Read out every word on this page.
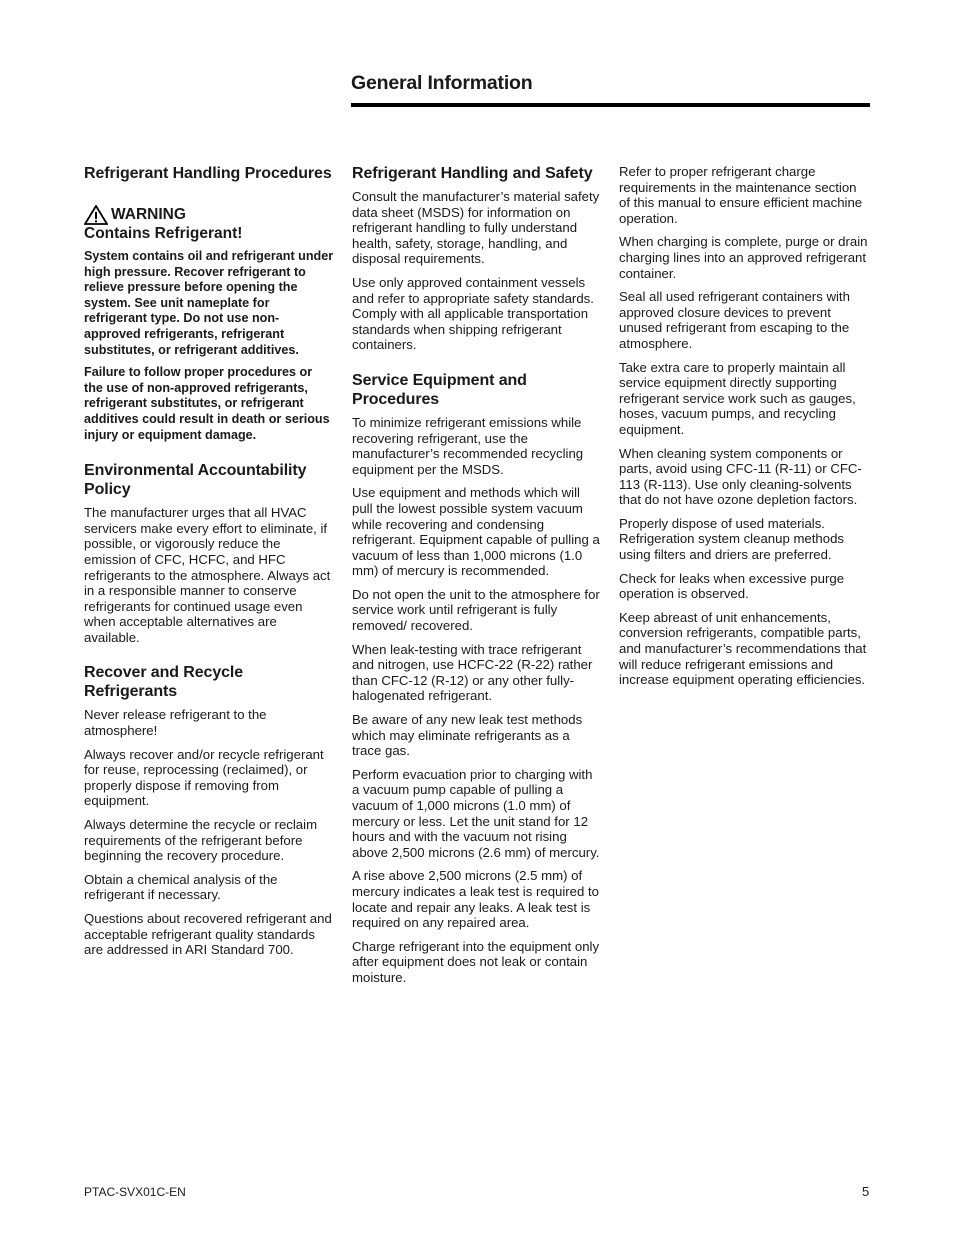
General Information
Refrigerant Handling Procedures
WARNING
Contains Refrigerant!

System contains oil and refrigerant under high pressure. Recover refrigerant to relieve pressure before opening the system. See unit nameplate for refrigerant type. Do not use non-approved refrigerants, refrigerant substitutes, or refrigerant additives.

Failure to follow proper procedures or the use of non-approved refrigerants, refrigerant substitutes, or refrigerant additives could result in death or serious injury or equipment damage.

Environmental Accountability Policy

The manufacturer urges that all HVAC servicers make every effort to eliminate, if possible, or vigorously reduce the emission of CFC, HCFC, and HFC refrigerants to the atmosphere. Always act in a responsible manner to conserve refrigerants for continued usage even when acceptable alternatives are available.

Recover and Recycle Refrigerants

Never release refrigerant to the atmosphere!

Always recover and/or recycle refrigerant for reuse, reprocessing (reclaimed), or properly dispose if removing from equipment.

Always determine the recycle or reclaim requirements of the refrigerant before beginning the recovery procedure.

Obtain a chemical analysis of the refrigerant if necessary.

Questions about recovered refrigerant and acceptable refrigerant quality standards are addressed in ARI Standard 700.

Refrigerant Handling and Safety

Consult the manufacturer’s material safety data sheet (MSDS) for information on refrigerant handling to fully understand health, safety, storage, handling, and disposal requirements.

Use only approved containment vessels and refer to appropriate safety standards. Comply with all applicable transportation standards when shipping refrigerant containers.

Service Equipment and Procedures

To minimize refrigerant emissions while recovering refrigerant, use the manufacturer’s recommended recycling equipment per the MSDS.

Use equipment and methods which will pull the lowest possible system vacuum while recovering and condensing refrigerant. Equipment capable of pulling a vacuum of less than 1,000 microns (1.0 mm) of mercury is recommended.

Do not open the unit to the atmosphere for service work until refrigerant is fully removed/ recovered.

When leak-testing with trace refrigerant and nitrogen, use HCFC-22 (R-22) rather than CFC-12 (R-12) or any other fully-halogenated refrigerant.

Be aware of any new leak test methods which may eliminate refrigerants as a trace gas.

Perform evacuation prior to charging with a vacuum pump capable of pulling a vacuum of 1,000 microns (1.0 mm) of mercury or less. Let the unit stand for 12 hours and with the vacuum not rising above 2,500 microns (2.6 mm) of mercury.

A rise above 2,500 microns (2.5 mm) of mercury indicates a leak test is required to locate and repair any leaks. A leak test is required on any repaired area.

Charge refrigerant into the equipment only after equipment does not leak or contain moisture.

Refer to proper refrigerant charge requirements in the maintenance section of this manual to ensure efficient machine operation.

When charging is complete, purge or drain charging lines into an approved refrigerant container.

Seal all used refrigerant containers with approved closure devices to prevent unused refrigerant from escaping to the atmosphere.

Take extra care to properly maintain all service equipment directly supporting refrigerant service work such as gauges, hoses, vacuum pumps, and recycling equipment.

When cleaning system components or parts, avoid using CFC-11 (R-11) or CFC-113 (R-113). Use only cleaning-solvents that do not have ozone depletion factors.

Properly dispose of used materials. Refrigeration system cleanup methods using filters and driers are preferred.

Check for leaks when excessive purge operation is observed.

Keep abreast of unit enhancements, conversion refrigerants, compatible parts, and manufacturer’s recommendations that will reduce refrigerant emissions and increase equipment operating efficiencies.

PTAC-SVX01C-EN	5
